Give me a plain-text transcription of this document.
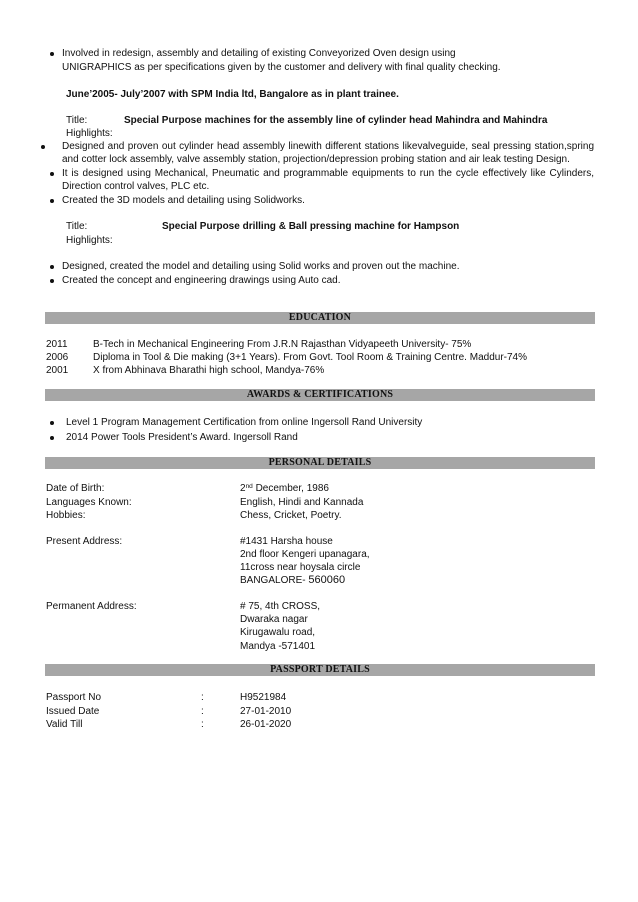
Involved in redesign, assembly and detailing of existing Conveyorized Oven design using
UNIGRAPHICS as per specifications given by the customer and delivery with final quality checking.
June’2005- July’2007 with SPM India ltd, Bangalore as in plant trainee.
Title:	Special Purpose machines for the assembly line of cylinder head Mahindra and Mahindra
Highlights:
Designed and proven out cylinder head assembly linewith different stations likevalveguide, seal pressing station,spring
and cotter lock assembly, valve assembly station, projection/depression probing station and air leak testing Design.
It is designed using Mechanical, Pneumatic and programmable equipments to run the cycle effectively like Cylinders,
Direction control valves, PLC etc.
Created the 3D models and detailing using Solidworks.
Title:	Special Purpose drilling & Ball pressing machine for Hampson
Highlights:
Designed, created the model and detailing using Solid works and proven out the machine.
Created the concept and engineering drawings using Auto cad.
EDUCATION
2011	B-Tech in Mechanical Engineering From J.R.N Rajasthan Vidyapeeth University- 75%
2006 Diploma in Tool & Die making (3+1 Years). From Govt. Tool Room & Training Centre. Maddur-74%
2001 X from Abhinava Bharathi high school, Mandya-76%
AWARDS & CERTIFICATIONS
Level 1 Program Management Certification from online Ingersoll Rand University
2014 Power Tools President’s Award. Ingersoll Rand
PERSONAL DETAILS
Date of Birth:	2nd December, 1986
Languages Known:	English, Hindi and Kannada
Hobbies:	Chess, Cricket, Poetry.
Present Address:	#1431 Harsha house
2nd floor Kengeri upanagara,
11cross near hoysala circle
BANGALORE- 560060
Permanent Address:	# 75, 4th CROSS,
Dwaraka nagar
Kirugawalu road,
Mandya -571401
PASSPORT DETAILS
Passport No	:	H9521984
Issued Date	:	27-01-2010
Valid Till	:	26-01-2020
